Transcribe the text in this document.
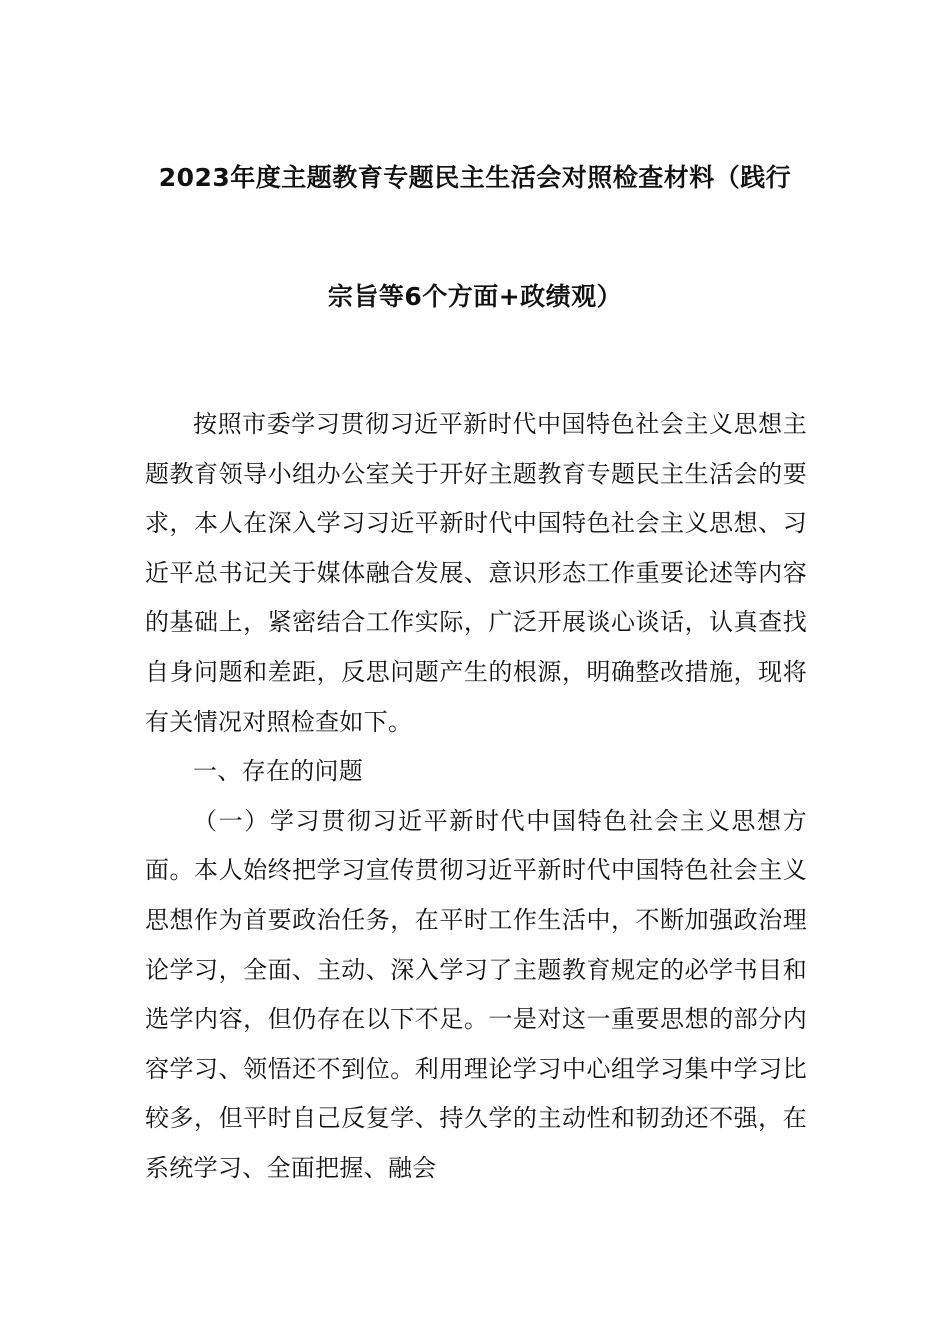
2023年度主题教育专题民主生活会对照检查材料（践行
宗旨等6个方面+政绩观）

按照市委学习贯彻习近平新时代中国特色社会主义思想主题教育领导小组办公室关于开好主题教育专题民主生活会的要求，本人在深入学习习近平新时代中国特色社会主义思想、习近平总书记关于媒体融合发展、意识形态工作重要论述等内容的基础上，紧密结合工作实际，广泛开展谈心谈话，认真查找自身问题和差距，反思问题产生的根源，明确整改措施，现将有关情况对照检查如下。

一、存在的问题

（一）学习贯彻习近平新时代中国特色社会主义思想方面。本人始终把学习宣传贯彻习近平新时代中国特色社会主义思想作为首要政治任务，在平时工作生活中，不断加强政治理论学习，全面、主动、深入学习了主题教育规定的必学书目和选学内容，但仍存在以下不足。一是对这一重要思想的部分内容学习、领悟还不到位。利用理论学习中心组学习集中学习比较多，但平时自己反复学、持久学的主动性和韧劲还不强，在系统学习、全面把握、融会
